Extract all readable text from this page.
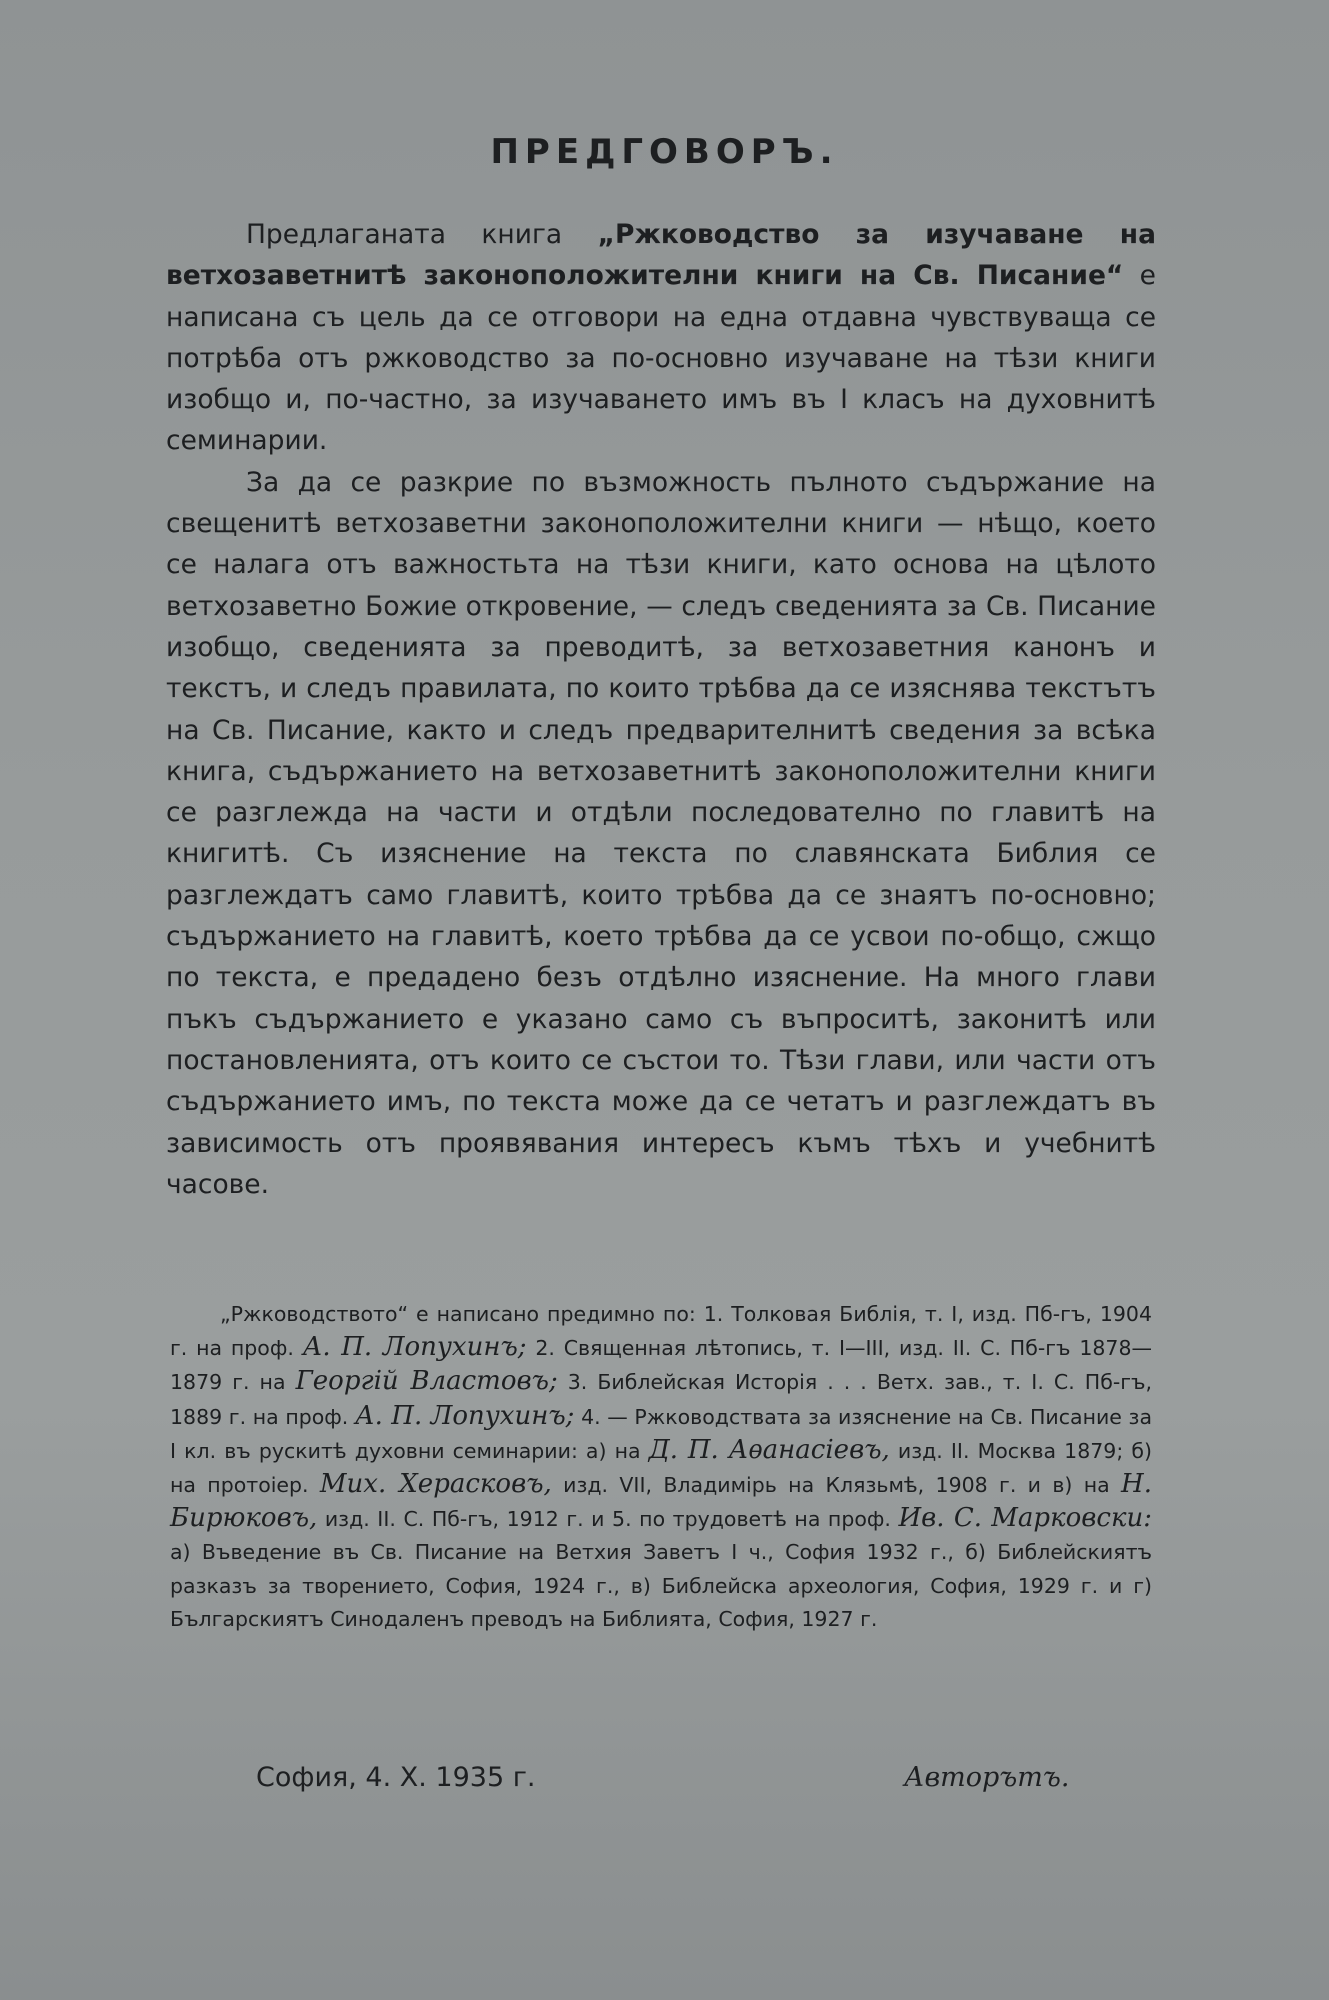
ПРЕДГОВОРЪ.

Предлаганата книга „Ржководство за изучаване на ветхозаветнитѣ законоположителни книги на Св. Писание“ е написана съ цель да се отговори на една отдавна чувствуваща се потрѣба отъ ржководство за по-основно изучаване на тѣзи книги изобщо и, по-частно, за изучаването имъ въ I класъ на духовнитѣ семинарии.

За да се разкрие по възможность пълното съдържание на свещенитѣ ветхозаветни законоположителни книги — нѣщо, което се налага отъ важностьта на тѣзи книги, като основа на цѣлото ветхозаветно Божие откровение, — следъ сведенията за Св. Писание изобщо, сведенията за преводитѣ, за ветхозаветния канонъ и текстъ, и следъ правилата, по които трѣбва да се изяснява текстътъ на Св. Писание, както и следъ предварителнитѣ сведения за всѣка книга, съдържанието на ветхозаветнитѣ законоположителни книги се разглежда на части и отдѣли последователно по главитѣ на книгитѣ. Съ изяснение на текста по славянската Библия се разглеждатъ само главитѣ, които трѣбва да се знаятъ по-основно; съдържанието на главитѣ, което трѣбва да се усвои по-общо, сжщо по текста, е предадено безъ отдѣлно изяснение. На много глави пъкъ съдържанието е указано само съ въпроситѣ, законитѣ или постановленията, отъ които се състои то. Тѣзи глави, или части отъ съдържанието имъ, по текста може да се четатъ и разглеждатъ въ зависимость отъ проявявания интересъ къмъ тѣхъ и учебнитѣ часове.

„Ржководството“ е написано предимно по: 1. Толковая Библія, т. I, изд. Пб-гъ, 1904 г. на проф. А. П. Лопухинъ; 2. Священная лѣтопись, т. I—III, изд. II. С. Пб-гъ 1878—1879 г. на Георгій Властовъ; 3. Библейская Исторія . . . Ветх. зав., т. I. С. Пб-гъ, 1889 г. на проф. А. П. Лопухинъ; 4. — Ржководствата за изяснение на Св. Писание за I кл. въ рускитѣ духовни семинарии: а) на Д. П. Аѳанасіевъ, изд. II. Москва 1879; б) на протоіер. Мих. Херасковъ, изд. VII, Владимірь на Клязьмѣ, 1908 г. и в) на Н. Бирюковъ, изд. II. С. Пб-гъ, 1912 г. и 5. по трудоветѣ на проф. Ив. С. Марковски: а) Въведение въ Св. Писание на Ветхия Заветъ I ч., София 1932 г., б) Библейскиятъ разказъ за творението, София, 1924 г., в) Библейска археология, София, 1929 г. и г) Българскиятъ Синодаленъ преводъ на Библията, София, 1927 г.

София, 4. X. 1935 г.	Авторътъ.
